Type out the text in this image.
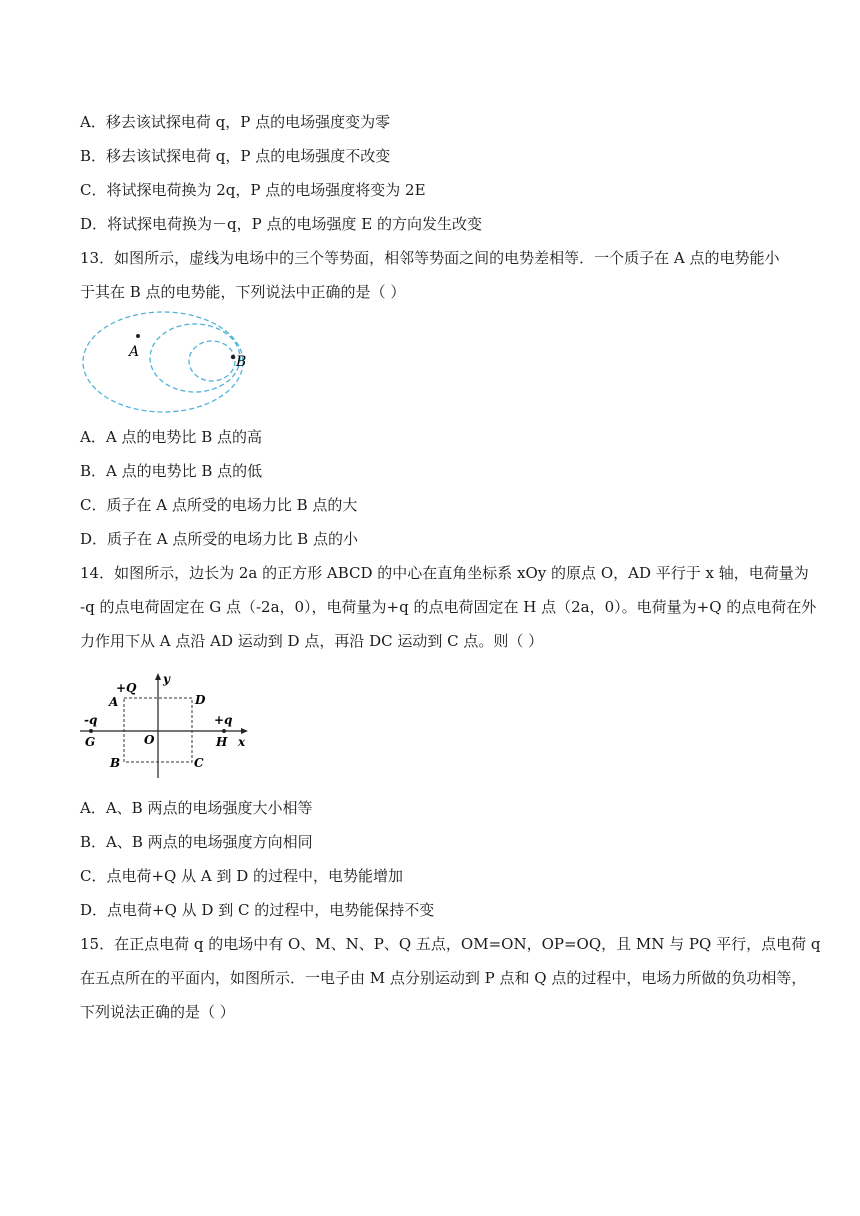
A．移去该试探电荷 q，P 点的电场强度变为零
B．移去该试探电荷 q，P 点的电场强度不改变
C．将试探电荷换为 2q，P 点的电场强度将变为 2E
D．将试探电荷换为－q，P 点的电场强度 E 的方向发生改变
13．如图所示，虚线为电场中的三个等势面，相邻等势面之间的电势差相等．一个质子在 A 点的电势能小
于其在 B 点的电势能，下列说法中正确的是（ ）
A
B
A．A 点的电势比 B 点的高
B．A 点的电势比 B 点的低
C．质子在 A 点所受的电场力比 B 点的大
D．质子在 A 点所受的电场力比 B 点的小
14．如图所示，边长为 2a 的正方形 ABCD 的中心在直角坐标系 xOy 的原点 O，AD 平行于 x 轴，电荷量为
-q 的点电荷固定在 G 点（-2a，0），电荷量为+q 的点电荷固定在 H 点（2a，0）。电荷量为+Q 的点电荷在外
力作用下从 A 点沿 AD 运动到 D 点，再沿 DC 运动到 C 点。则（ ）
y
x
+Q
A	D
-q	+q
G	O	H
B	C
A．A、B 两点的电场强度大小相等
B．A、B 两点的电场强度方向相同
C．点电荷+Q 从 A 到 D 的过程中，电势能增加
D．点电荷+Q 从 D 到 C 的过程中，电势能保持不变
15．在正点电荷 q 的电场中有 O、M、N、P、Q 五点，OM=ON，OP=OQ，且 MN 与 PQ 平行，点电荷 q
在五点所在的平面内，如图所示．一电子由 M 点分别运动到 P 点和 Q 点的过程中，电场力所做的负功相等，
下列说法正确的是（ ）
